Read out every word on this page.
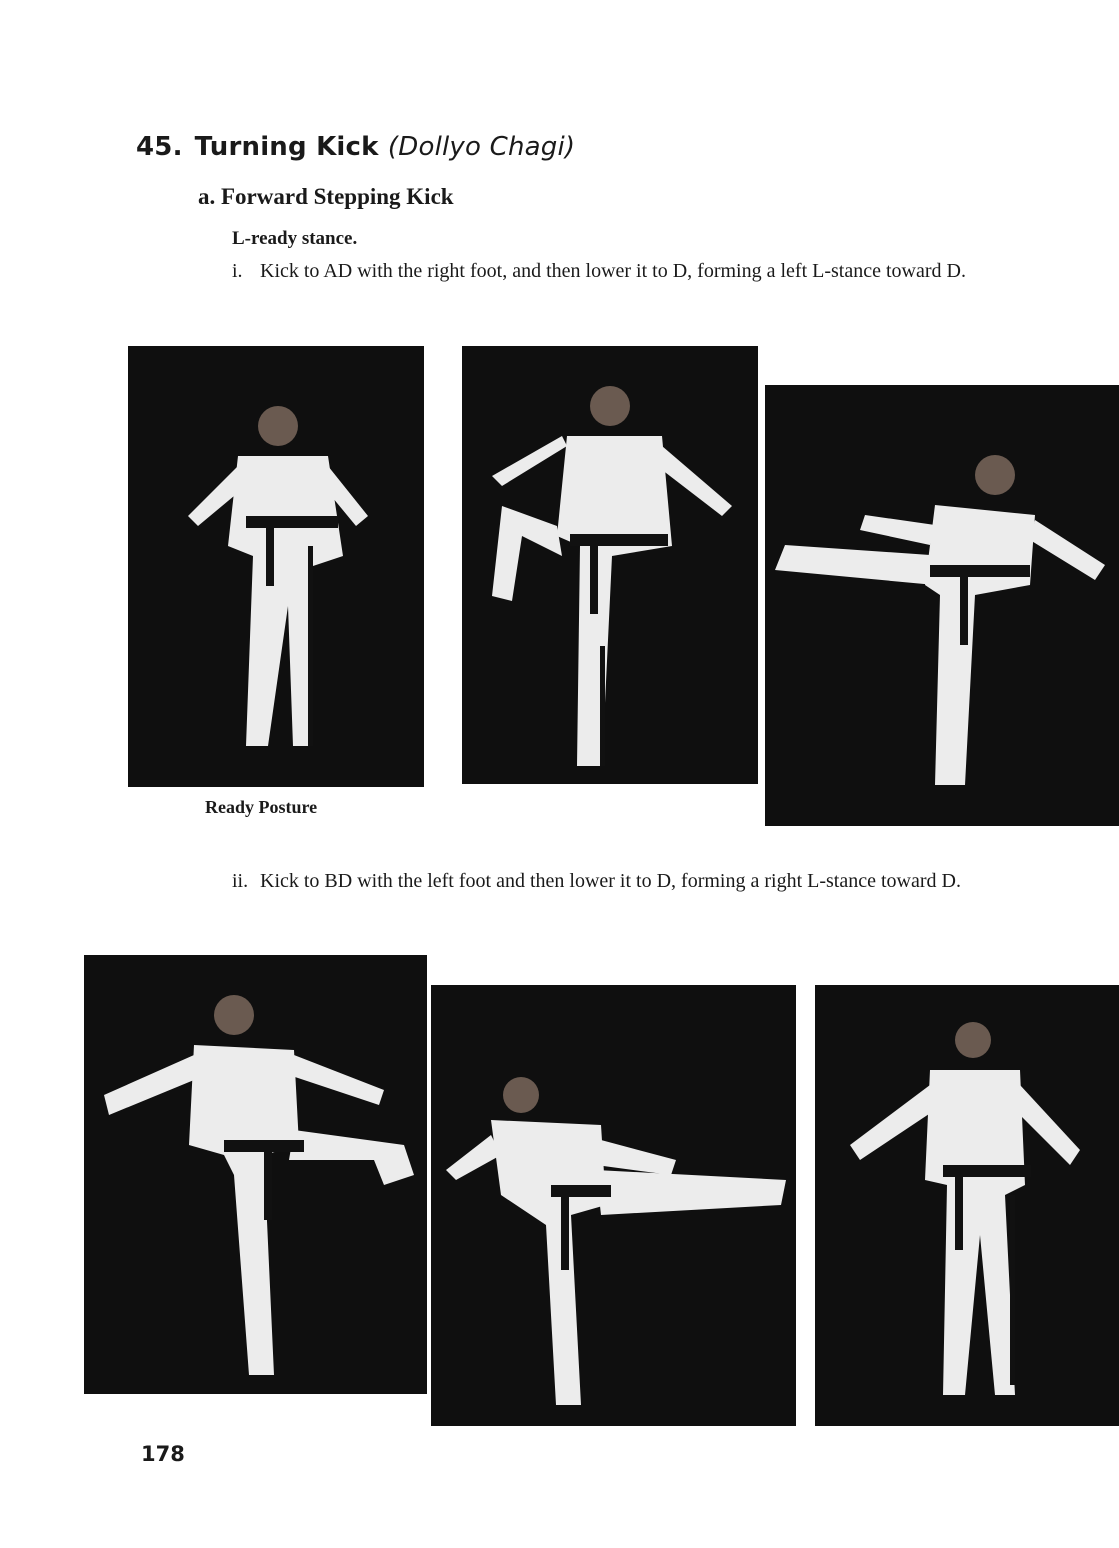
45. Turning Kick (Dollyo Chagi)
a. Forward Stepping Kick
L-ready stance.
i. Kick to AD with the right foot, and then lower it to D, forming a left L-stance toward D.
Ready Posture
ii. Kick to BD with the left foot and then lower it to D, forming a right L-stance toward D.
178
